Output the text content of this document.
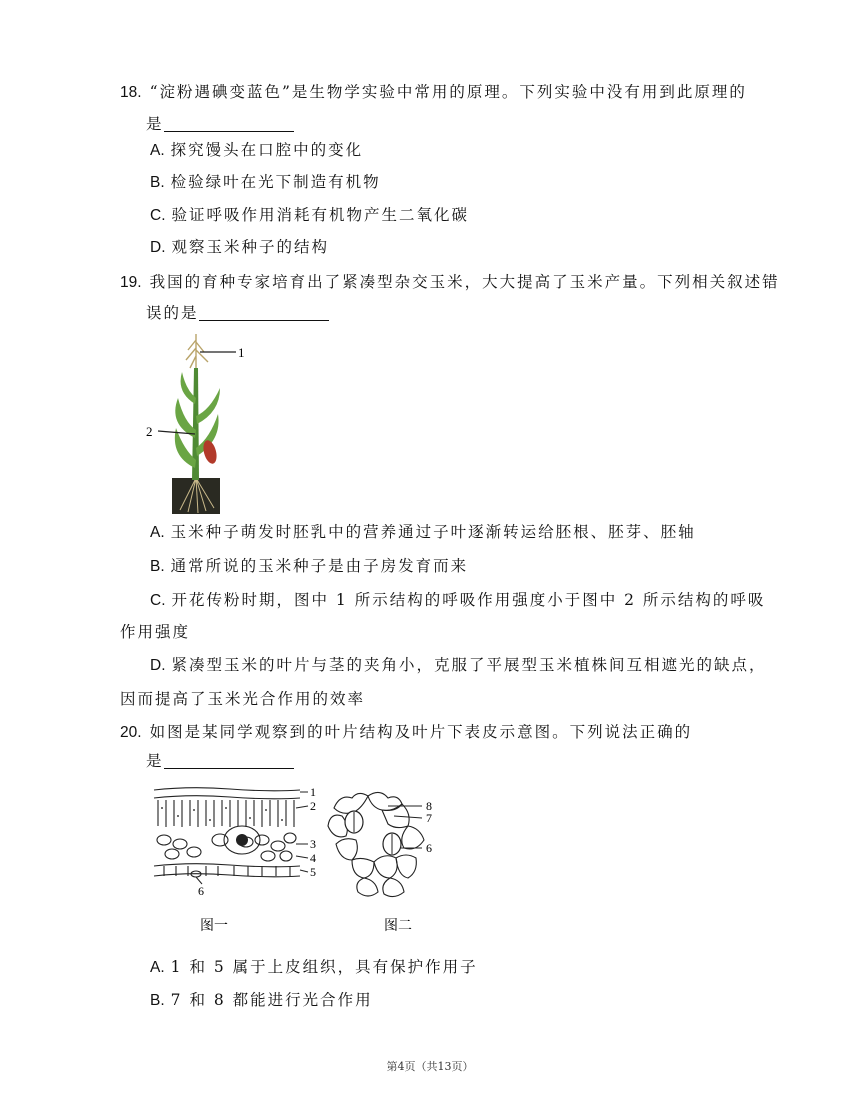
18. “淀粉遇碘变蓝色”是生物学实验中常用的原理。下列实验中没有用到此原理的
是
A. 探究馒头在口腔中的变化
B. 检验绿叶在光下制造有机物
C. 验证呼吸作用消耗有机物产生二氧化碳
D. 观察玉米种子的结构
19. 我国的育种专家培育出了紧凑型杂交玉米，大大提高了玉米产量。下列相关叙述错
误的是
1
2
A. 玉米种子萌发时胚乳中的营养通过子叶逐渐转运给胚根、胚芽、胚轴
B. 通常所说的玉米种子是由子房发育而来
C. 开花传粉时期，图中 1 所示结构的呼吸作用强度小于图中 2 所示结构的呼吸
作用强度
D. 紧凑型玉米的叶片与茎的夹角小，克服了平展型玉米植株间互相遮光的缺点，
因而提高了玉米光合作用的效率
20. 如图是某同学观察到的叶片结构及叶片下表皮示意图。下列说法正确的
是
1
2
3
4
5
6
图一
8
7
6
图二
A. 1 和 5 属于上皮组织，具有保护作用子
B. 7 和 8 都能进行光合作用
第4页（共13页）
